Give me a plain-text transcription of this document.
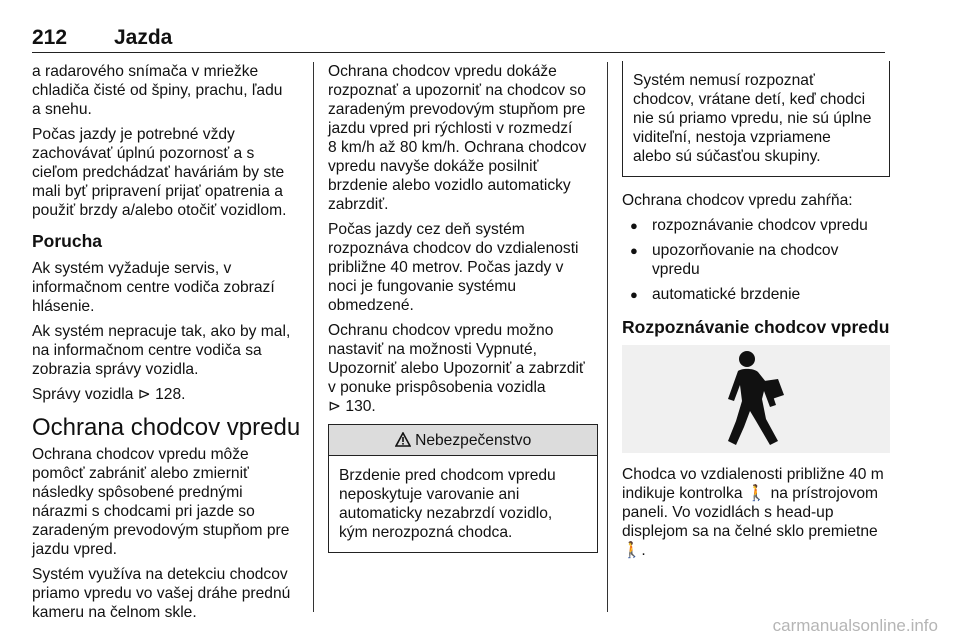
212 Jazda

a radarového snímača v mriežke
chladiča čisté od špiny, prachu, ľadu
a snehu.

Počas jazdy je potrebné vždy
zachovávať úplnú pozornosť a s
cieľom predchádzať haváriám by ste
mali byť pripravení prijať opatrenia a
použiť brzdy a/alebo otočiť vozidlom.

Porucha

Ak systém vyžaduje servis, v
informačnom centre vodiča zobrazí
hlásenie.

Ak systém nepracuje tak, ako by mal,
na informačnom centre vodiča sa
zobrazia správy vozidla.

Správy vozidla ⊳ 128.

Ochrana chodcov vpredu

Ochrana chodcov vpredu môže
pomôcť zabrániť alebo zmierniť
následky spôsobené prednými
nárazmi s chodcami pri jazde so
zaradeným prevodovým stupňom pre
jazdu vpred.

Systém využíva na detekciu chodcov
priamo vpredu vo vašej dráhe prednú
kameru na čelnom skle.

Ochrana chodcov vpredu dokáže
rozpoznať a upozorniť na chodcov so
zaradeným prevodovým stupňom pre
jazdu vpred pri rýchlosti v rozmedzí
8 km/h až 80 km/h. Ochrana chodcov
vpredu navyše dokáže posilniť
brzdenie alebo vozidlo automaticky
zabrzdiť.

Počas jazdy cez deň systém
rozpoznáva chodcov do vzdialenosti
približne 40 metrov. Počas jazdy v
noci je fungovanie systému
obmedzené.

Ochranu chodcov vpredu možno
nastaviť na možnosti Vypnuté,
Upozorniť alebo Upozorniť a zabrzdiť
v ponuke prispôsobenia vozidla
⊳ 130.

Nebezpečenstvo
Brzdenie pred chodcom vpredu
neposkytuje varovanie ani
automaticky nezabrzdí vozidlo,
kým nerozpozná chodca.
Systém nemusí rozpoznať
chodcov, vrátane detí, keď chodci
nie sú priamo vpredu, nie sú úplne
viditeľní, nestoja vzpriamene
alebo sú súčasťou skupiny.

Ochrana chodcov vpredu zahŕňa:

● rozpoznávanie chodcov vpredu
● upozorňovanie na chodcov
vpredu
● automatické brzdenie
Rozpoznávanie chodcov vpredu

Chodca vo vzdialenosti približne 40 m
indikuje kontrolka 🚶 na prístrojovom
paneli. Vo vozidlách s head-up
displejom sa na čelné sklo premietne
🚶.

carmanualsonline.info
